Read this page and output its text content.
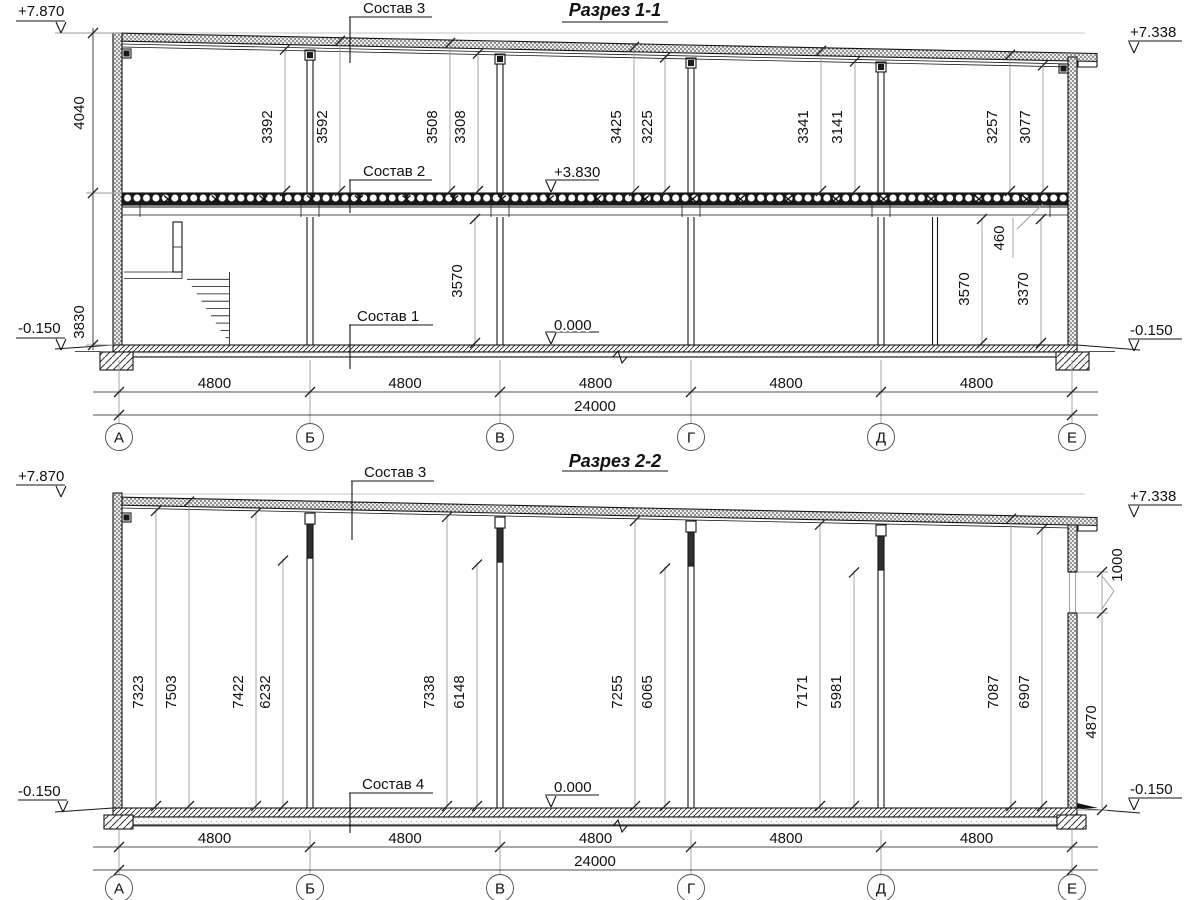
4040
3830
3392	3592	3508 3308	3425 3225	3341 3141	3257 3077
3570	3570	3370
460
Состав 3
Состав 2
Состав 1
+7.870
+7.338
+3.830
0.000
-0.150	-0.150
4800	4800	4800	4800	4800
24000
А	Б	В	Г	Д	Е
Разрез 1-1
7323 7503	7422 6232	7338 6148	7255 6065	7171 5981	7087 6907
1000
4870
Состав 3
Состав 4
+7.870
+7.338
0.000
-0.150	-0.150
4800	4800	4800	4800	4800
24000
А	Б	В	Г	Д	Е
Разрез 2-2
